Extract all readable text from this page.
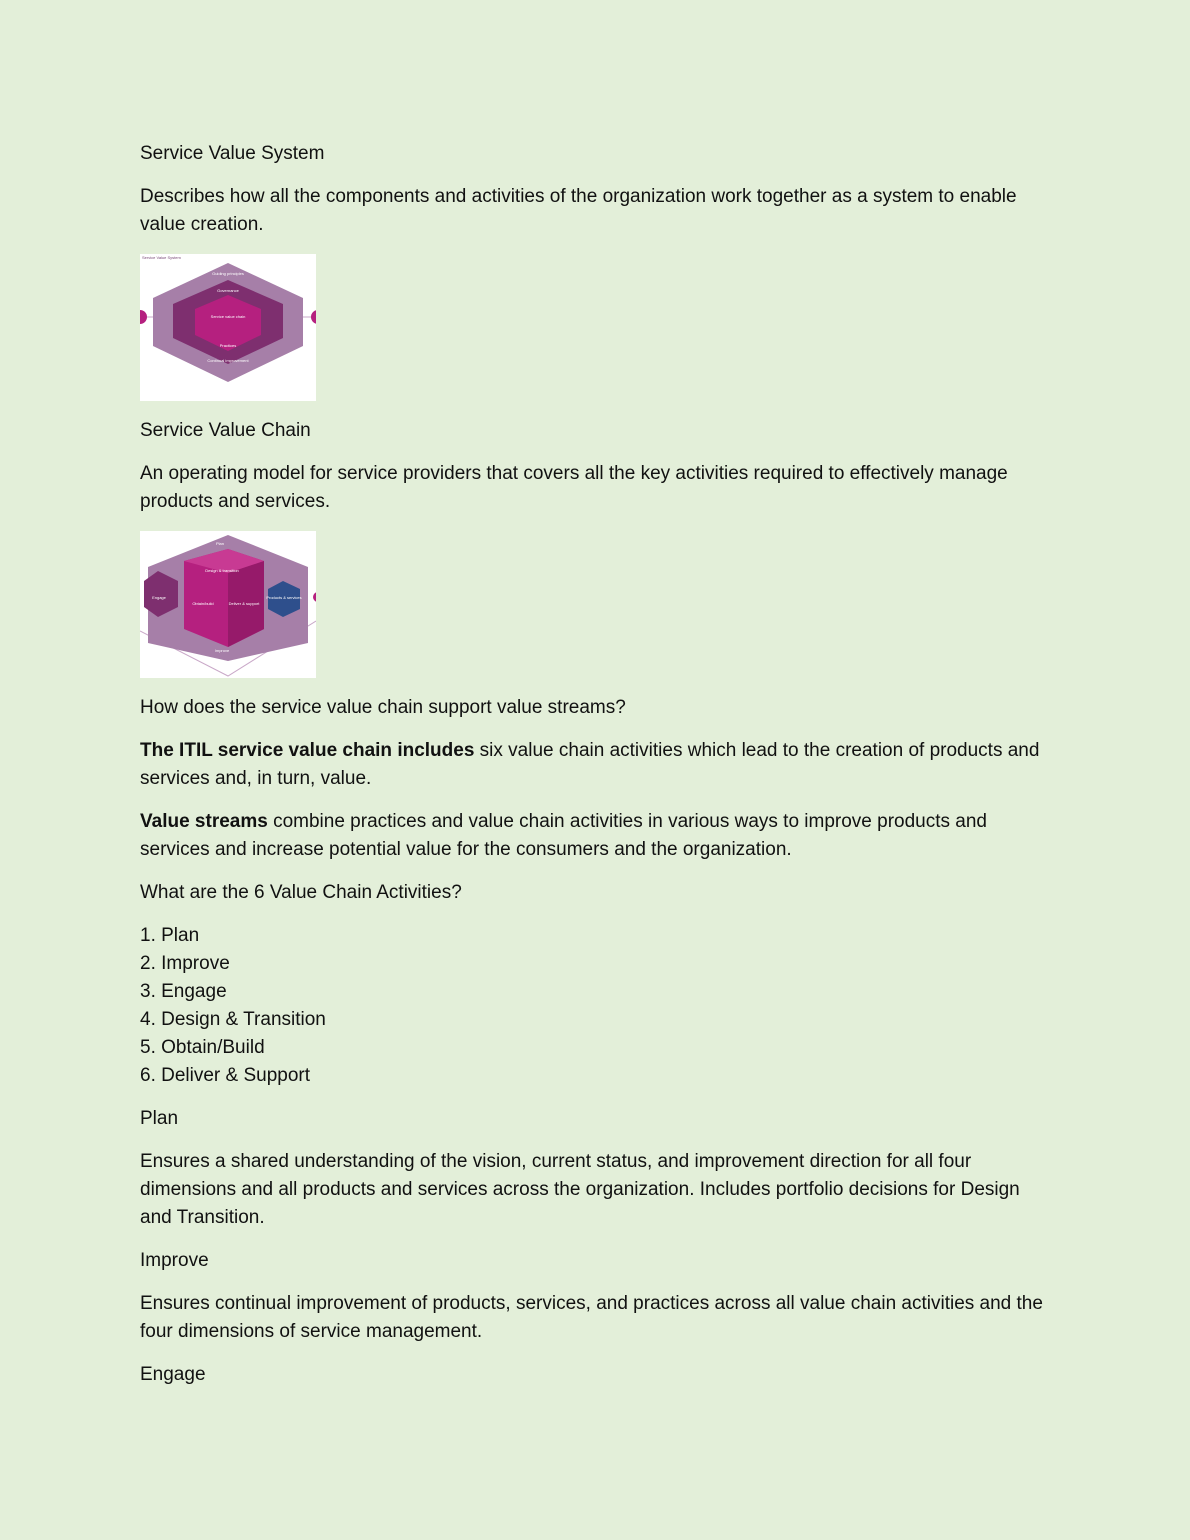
Service Value System

Describes how all the components and activities of the organization work together as a system to enable value creation.

Service Value System
Guiding principles
Governance
Service value chain
Practices
Continual improvement

Service Value Chain

An operating model for service providers that covers all the key activities required to effectively manage products and services.

Plan
Design & transition
Engage
Obtain/build	Deliver & support
Products & services
Improve

How does the service value chain support value streams?

The ITIL service value chain includes six value chain activities which lead to the creation of products and services and, in turn, value.

Value streams combine practices and value chain activities in various ways to improve products and services and increase potential value for the consumers and the organization.

What are the 6 Value Chain Activities?

1. Plan
2. Improve
3. Engage
4. Design & Transition
5. Obtain/Build
6. Deliver & Support

Plan

Ensures a shared understanding of the vision, current status, and improvement direction for all four dimensions and all products and services across the organization. Includes portfolio decisions for Design and Transition.

Improve

Ensures continual improvement of products, services, and practices across all value chain activities and the four dimensions of service management.

Engage
